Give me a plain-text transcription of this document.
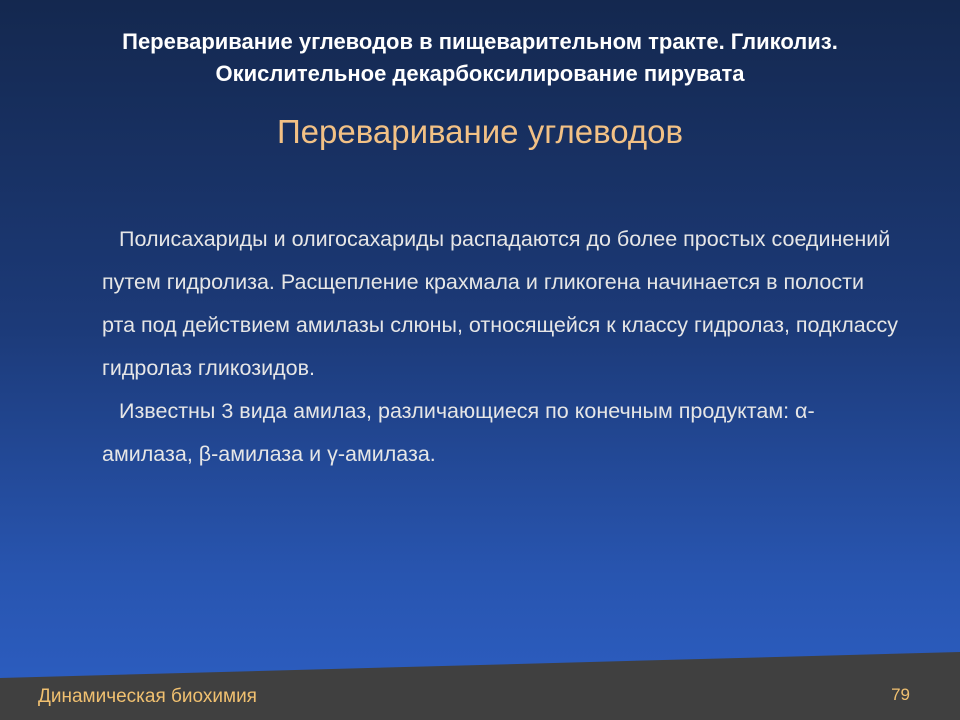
Переваривание углеводов в пищеварительном тракте. Гликолиз.
Окислительное декарбоксилирование пирувата
Переваривание углеводов

Полисахариды и олигосахариды распадаются до более простых соединений путем гидролиза. Расщепление крахмала и гликогена начинается в полости рта под действием амилазы слюны, относящейся к классу гидролаз, подклассу гидролаз гликозидов.

Известны 3 вида амилаз, различающиеся по конечным продуктам: α-амилаза, β-амилаза и γ-амилаза.

Динамическая биохимия	79
